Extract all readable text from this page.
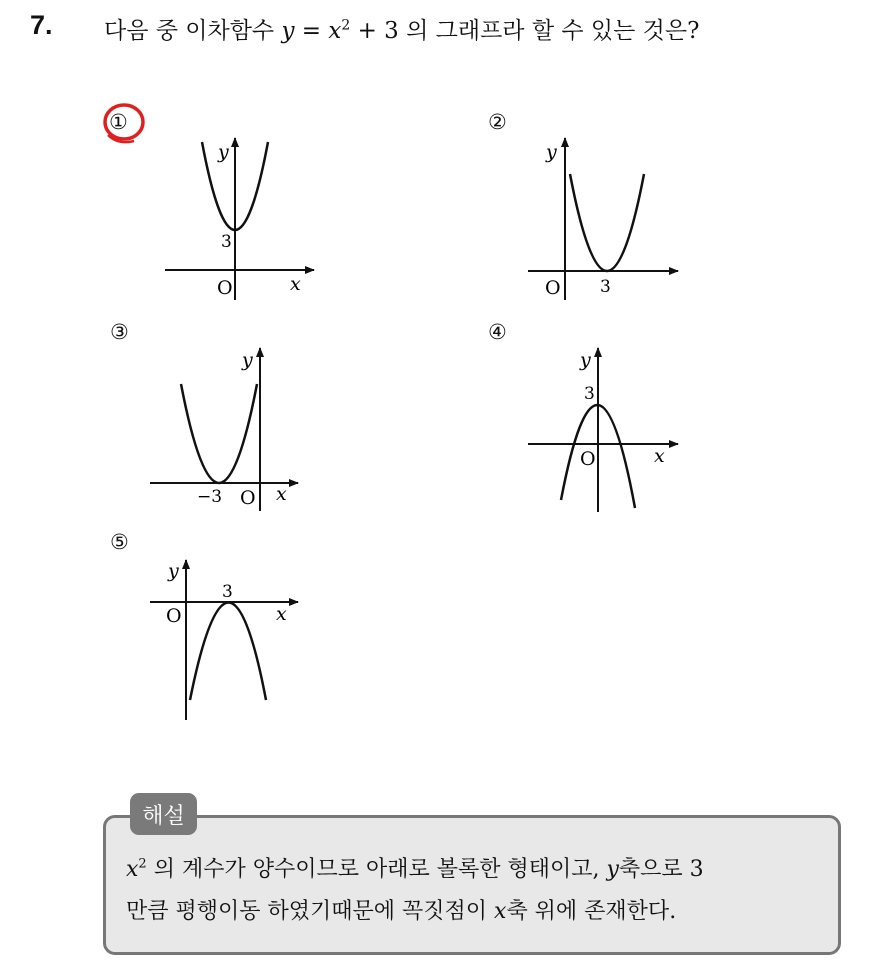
7. 다음 중 이차함수 $y = x^2 + 3$ 의 그래프라 할 수 있는 것은?
①	②
③	④
⑤
3
O	x
y
O 3
y
−3 O x
y
3
O	x
y
3
O	x
y
해설
$x^2$ 의 계수가 양수이므로 아래로 볼록한 형태이고, y축으로 3
만큼 평행이동 하였기때문에 꼭짓점이 x축 위에 존재한다.
